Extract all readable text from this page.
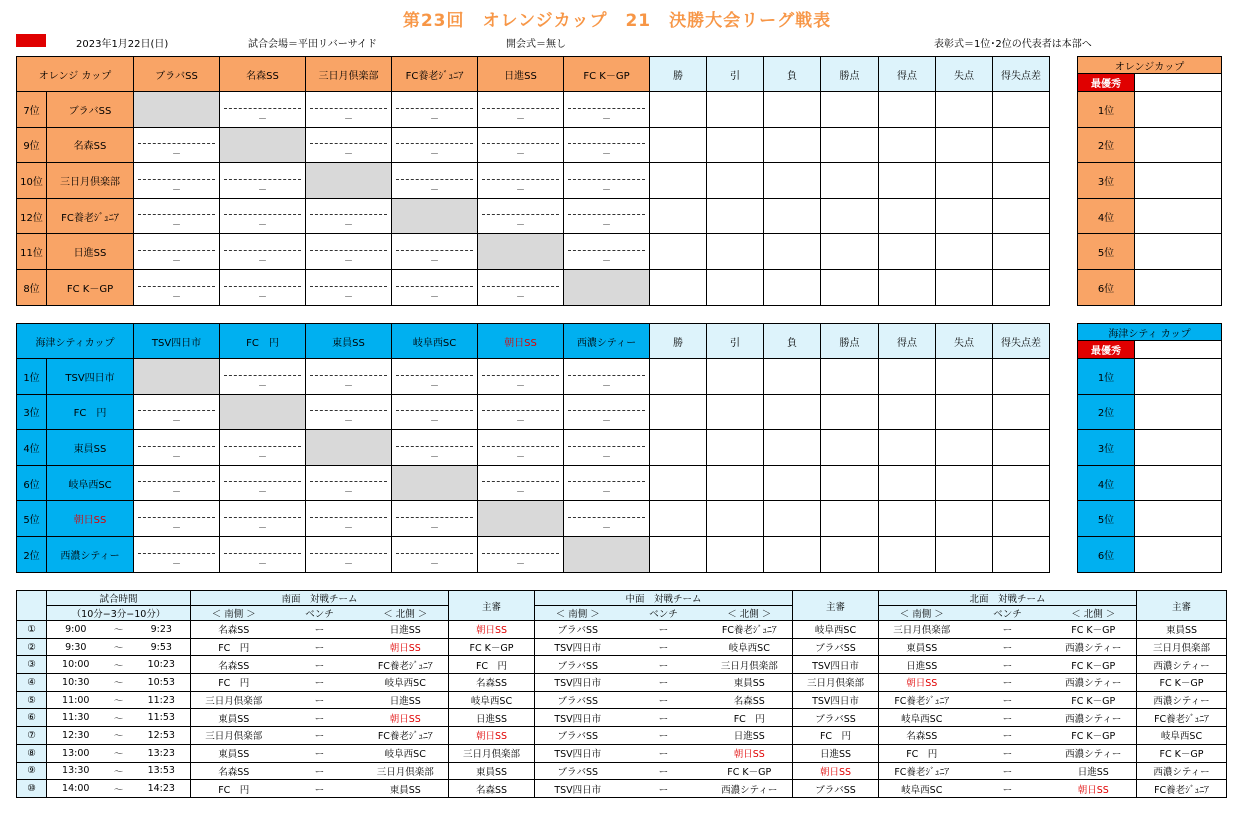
第23回　オレンジカップ　21　決勝大会リーグ戦表
2023年1月22日(日)	試合会場＝平田リバーサイド	開会式＝無し	表彰式＝1位･2位の代表者は本部へ
オレンジ カップ		ブラバSS	名森SS	三日月倶楽部	FC養老ｼﾞｭﾆｱ	日進SS	FC K－GP	勝	引	負	勝点	得点	失点	得失点差
7位	ブラバSS		－	－	－	－	－							

9位	名森SS	－		－	－	－	－							

10位	三日月倶楽部	－	－		－	－	－							

12位	FC養老ｼﾞｭﾆｱ	－	－	－		－	－							

11位	日進SS	－	－	－	－		－							

8位	FC K－GP	－	－	－	－	－								

オレンジカップ	
最優秀	
1位	
2位	
3位	
4位	
5位	
6位	
海津シティカップ		TSV四日市	FC　円	東員SS	岐阜西SC	朝日SS	西濃シティー	勝	引	負	勝点	得点	失点	得失点差
1位	TSV四日市		－	－	－	－	－							

3位	FC　円	－		－	－	－	－							

4位	東員SS	－	－		－	－	－							

6位	岐阜西SC	－	－	－		－	－							

5位	朝日SS	－	－	－	－		－							

2位	西濃シティー	－	－	－	－	－								

海津シティ カップ	
最優秀	
1位	
2位	
3位	
4位	
5位	
6位	
	試合時間			南面　対戦チーム			主審	中面　対戦チーム			主審	北面　対戦チーム			主審
	（10分−3分−10分）			＜ 南側 ＞	ベンチ	＜ 北側 ＞		＜ 南側 ＞	ベンチ	＜ 北側 ＞		＜ 南側 ＞	ベンチ	＜ 北側 ＞	
①	9:00	～	9:23	名森SS	ー	日進SS	朝日SS	ブラバSS	ー	FC養老ｼﾞｭﾆｱ	岐阜西SC	三日月倶楽部	ー	FC K－GP	東員SS
②	9:30	～	9:53	FC　円	ー	朝日SS	FC K－GP	TSV四日市	ー	岐阜西SC	ブラバSS	東員SS	ー	西濃シティー	三日月倶楽部
③	10:00	～	10:23	名森SS	ー	FC養老ｼﾞｭﾆｱ	FC　円	ブラバSS	ー	三日月倶楽部	TSV四日市	日進SS	ー	FC K－GP	西濃シティー
④	10:30	～	10:53	FC　円	ー	岐阜西SC	名森SS	TSV四日市	ー	東員SS	三日月倶楽部	朝日SS	ー	西濃シティー	FC K－GP
⑤	11:00	～	11:23	三日月倶楽部	ー	日進SS	岐阜西SC	ブラバSS	ー	名森SS	TSV四日市	FC養老ｼﾞｭﾆｱ	ー	FC K－GP	西濃シティー
⑥	11:30	～	11:53	東員SS	ー	朝日SS	日進SS	TSV四日市	ー	FC　円	ブラバSS	岐阜西SC	ー	西濃シティー	FC養老ｼﾞｭﾆｱ
⑦	12:30	～	12:53	三日月倶楽部	ー	FC養老ｼﾞｭﾆｱ	朝日SS	ブラバSS	ー	日進SS	FC　円	名森SS	ー	FC K－GP	岐阜西SC
⑧	13:00	～	13:23	東員SS	ー	岐阜西SC	三日月倶楽部	TSV四日市	ー	朝日SS	日進SS	FC　円	ー	西濃シティー	FC K－GP
⑨	13:30	～	13:53	名森SS	ー	三日月倶楽部	東員SS	ブラバSS	ー	FC K－GP	朝日SS	FC養老ｼﾞｭﾆｱ	ー	日進SS	西濃シティー
⑩	14:00	～	14:23	FC　円	ー	東員SS	名森SS	TSV四日市	ー	西濃シティー	ブラバSS	岐阜西SC	ー	朝日SS	FC養老ｼﾞｭﾆｱ
